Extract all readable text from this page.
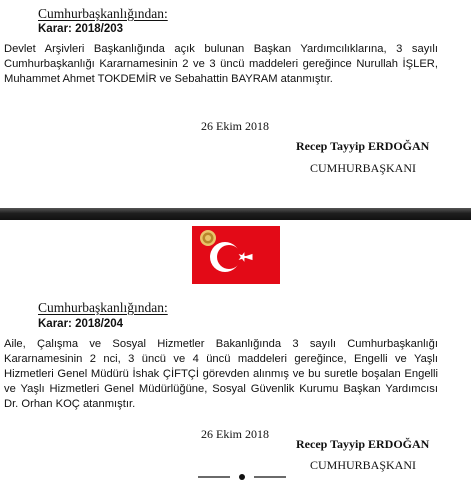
Cumhurbaşkanlığından:
Karar: 2018/203
Devlet Arşivleri Başkanlığında açık bulunan Başkan Yardımcılıklarına, 3 sayılı Cumhurbaşkanlığı Kararnamesinin 2 ve 3 üncü maddeleri gereğince Nurullah İŞLER, Muhammet Ahmet TOKDEMİR ve Sebahattin BAYRAM atanmıştır.
26 Ekim 2018
Recep Tayyip ERDOĞAN
CUMHURBAŞKANI
Cumhurbaşkanlığından:
Karar: 2018/204
Aile, Çalışma ve Sosyal Hizmetler Bakanlığında 3 sayılı Cumhurbaşkanlığı Kararnamesinin 2 nci, 3 üncü ve 4 üncü maddeleri gereğince, Engelli ve Yaşlı Hizmetleri Genel Müdürü İshak ÇİFTÇİ görevden alınmış ve bu suretle boşalan Engelli ve Yaşlı Hizmetleri Genel Müdürlüğüne, Sosyal Güvenlik Kurumu Başkan Yardımcısı Dr. Orhan KOÇ atanmıştır.
26 Ekim 2018
Recep Tayyip ERDOĞAN
CUMHURBAŞKANI
